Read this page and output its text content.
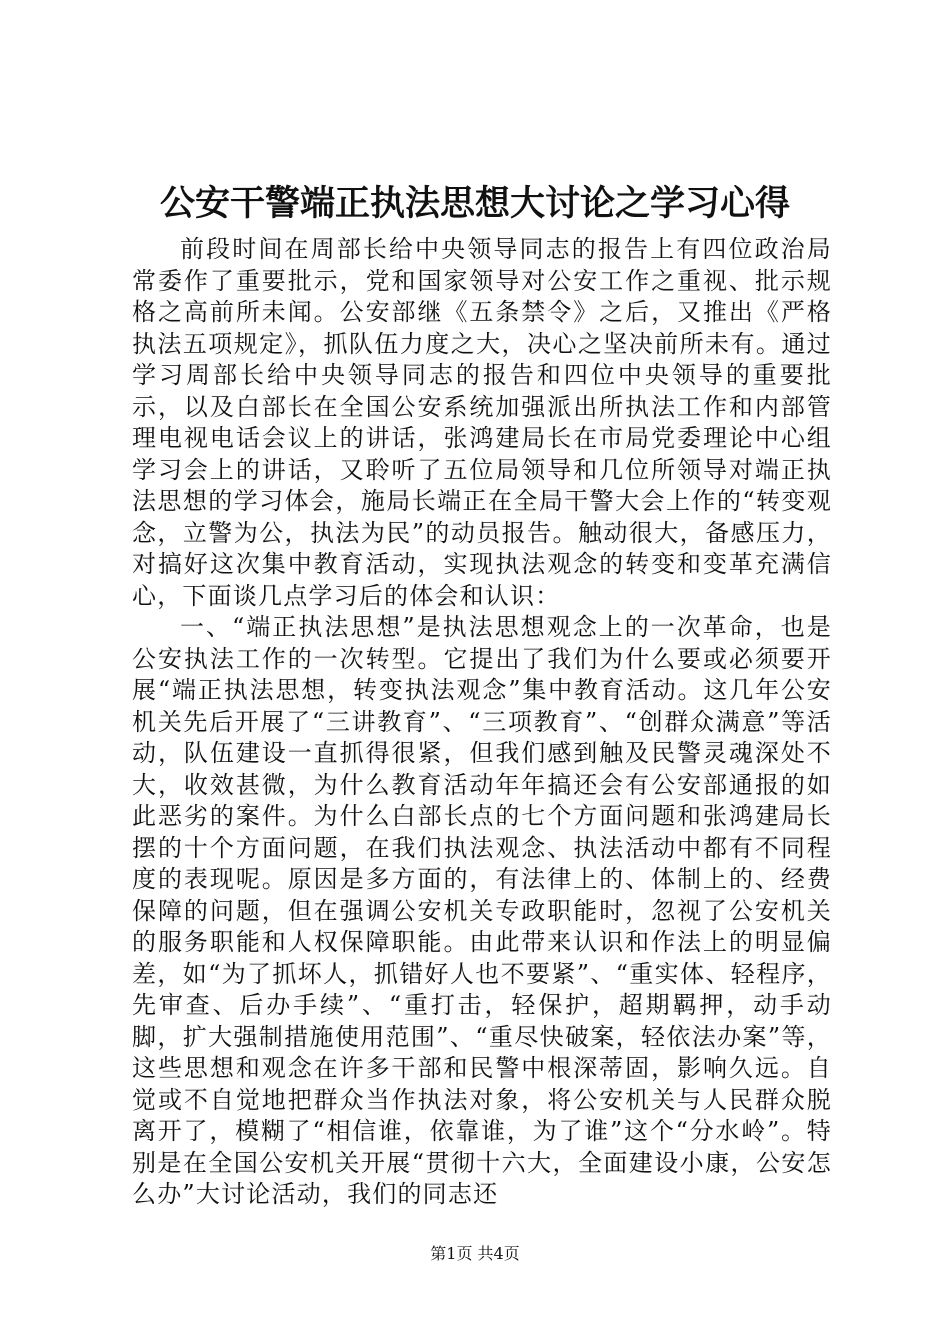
公安干警端正执法思想大讨论之学习心得

前段时间在周部长给中央领导同志的报告上有四位政治局常委作了重要批示，党和国家领导对公安工作之重视、批示规格之高前所未闻。公安部继《五条禁令》之后，又推出《严格执法五项规定》，抓队伍力度之大，决心之坚决前所未有。通过学习周部长给中央领导同志的报告和四位中央领导的重要批示，以及白部长在全国公安系统加强派出所执法工作和内部管理电视电话会议上的讲话，张鸿建局长在市局党委理论中心组学习会上的讲话，又聆听了五位局领导和几位所领导对端正执法思想的学习体会，施局长端正在全局干警大会上作的“转变观念，立警为公，执法为民”的动员报告。触动很大，备感压力，对搞好这次集中教育活动，实现执法观念的转变和变革充满信心，下面谈几点学习后的体会和认识：

一、“端正执法思想”是执法思想观念上的一次革命，也是公安执法工作的一次转型。它提出了我们为什么要或必须要开展“端正执法思想，转变执法观念”集中教育活动。这几年公安机关先后开展了“三讲教育”、“三项教育”、“创群众满意”等活动，队伍建设一直抓得很紧，但我们感到触及民警灵魂深处不大，收效甚微，为什么教育活动年年搞还会有公安部通报的如此恶劣的案件。为什么白部长点的七个方面问题和张鸿建局长摆的十个方面问题，在我们执法观念、执法活动中都有不同程度的表现呢。原因是多方面的，有法律上的、体制上的、经费保障的问题，但在强调公安机关专政职能时，忽视了公安机关的服务职能和人权保障职能。由此带来认识和作法上的明显偏差，如“为了抓坏人，抓错好人也不要紧”、“重实体、轻程序，先审查、后办手续”、“重打击，轻保护，超期羁押，动手动脚，扩大强制措施使用范围”、“重尽快破案，轻依法办案”等，这些思想和观念在许多干部和民警中根深蒂固，影响久远。自觉或不自觉地把群众当作执法对象，将公安机关与人民群众脱离开了，模糊了“相信谁，依靠谁，为了谁”这个“分水岭”。特别是在全国公安机关开展“贯彻十六大，全面建设小康，公安怎么办”大讨论活动，我们的同志还

第1页 共4页
